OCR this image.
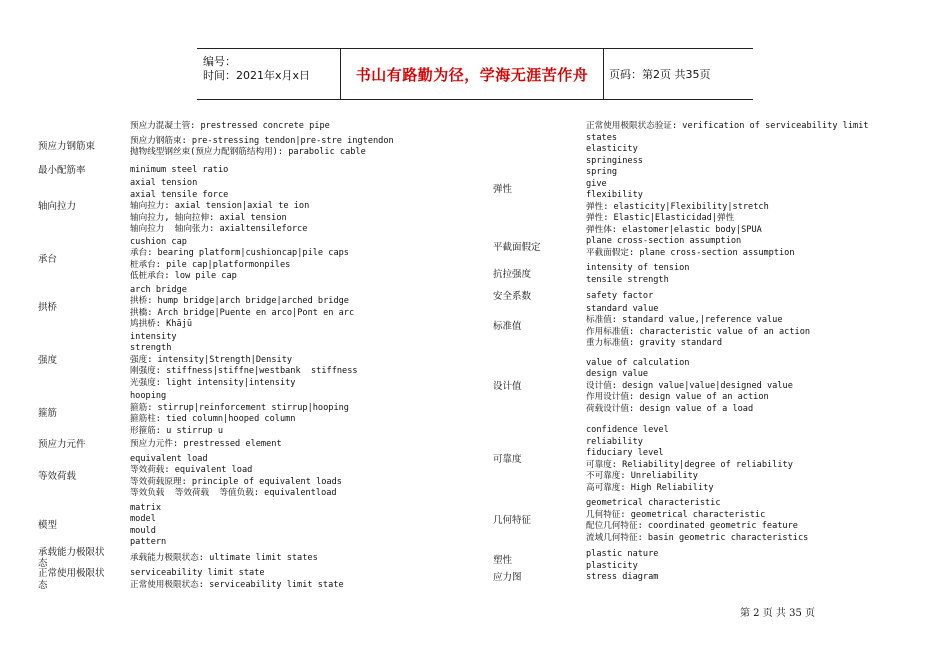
编号：
时间：2021年x月x日	书山有路勤为径，学海无涯苦作舟 页码：第2页 共35页
预应力混凝土管: prestressed concrete pipe
预应力钢筋束: pre-stressing tendon|pre-stre ingtendon
抛物线型钢丝束(预应力配钢筋结构用): parabolic cable
预应力钢筋束
minimum steel ratio
最小配筋率
axial tension
axial tensile force
轴向拉力: axial tension|axial te ion
轴向拉力, 轴向拉伸: axial tension
轴向拉力  轴向张力: axialtensileforce
轴向拉力
cushion cap
承台: bearing platform|cushioncap|pile caps
桩承台: pile cap|platformonpiles
低桩承台: low pile cap
承台
arch bridge
拱桥: hump bridge|arch bridge|arched bridge
拱橋: Arch bridge|Puente en arco|Pont en arc
鸠拱桥: Khājū
拱桥
intensity
strength
强度: intensity|Strength|Density
刚强度: stiffness|stiffne|westbank  stiffness
光强度: light intensity|intensity
强度
hooping
箍筋: stirrup|reinforcement stirrup|hooping
箍筋柱: tied column|hooped column
形箍筋: u stirrup u
箍筋
预应力元件: prestressed element
预应力元件
equivalent load
等效荷载: equivalent load
等效荷载原理: principle of equivalent loads
等效负载  等效荷载  等值负载: equivalentload
等效荷载
matrix
model
mould
pattern
模型
承载能力极限状态: ultimate limit states
承载能力极限状
态
serviceability limit state
正常使用极限状态: serviceability limit state
正常使用极限状
态
正常使用极限状态验证: verification of serviceability limit
states
elasticity
springiness
spring
give
flexibility
弹性: elasticity|Flexibility|stretch
弹性: Elastic|Elasticidad|弹性
弹性体: elastomer|elastic body|SPUA
弹性
plane cross-section assumption
平截面假定: plane cross-section assumption
平截面假定
intensity of tension
tensile strength
抗拉强度
safety factor
安全系数
standard value
标准值: standard value,|reference value
作用标准值: characteristic value of an action
重力标准值: gravity standard
标准值
value of calculation
design value
设计值: design value|value|designed value
作用设计值: design value of an action
荷载设计值: design value of a load
设计值
confidence level
reliability
fiduciary level
可靠度: Reliability|degree of reliability
不可靠度: Unreliability
高可靠度: High Reliability
可靠度
geometrical characteristic
几何特征: geometrical characteristic
配位几何特征: coordinated geometric feature
流域几何特征: basin geometric characteristics
几何特征
plastic nature
plasticity
塑性
stress diagram
应力图
第 2 页 共 35 页
